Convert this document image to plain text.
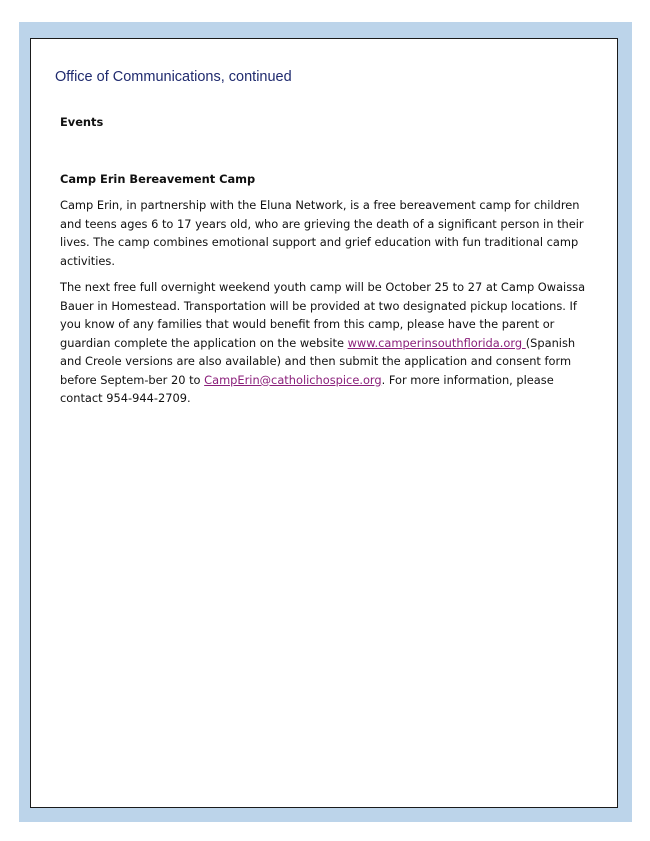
Office of Communications, continued

Events

Camp Erin Bereavement Camp

Camp Erin, in partnership with the Eluna Network, is a free bereavement camp for children and teens ages 6 to 17 years old, who are grieving the death of a significant person in their lives. The camp combines emotional support and grief education with fun traditional camp activities.

The next free full overnight weekend youth camp will be October 25 to 27 at Camp Owaissa Bauer in Homestead. Transportation will be provided at two designated pickup locations. If you know of any families that would benefit from this camp, please have the parent or guardian complete the application on the website www.camperinsouthflorida.org (Spanish and Creole versions are also available) and then submit the application and consent form before Septem-ber 20 to CampErin@catholichospice.org. For more information, please contact 954-944-2709.
